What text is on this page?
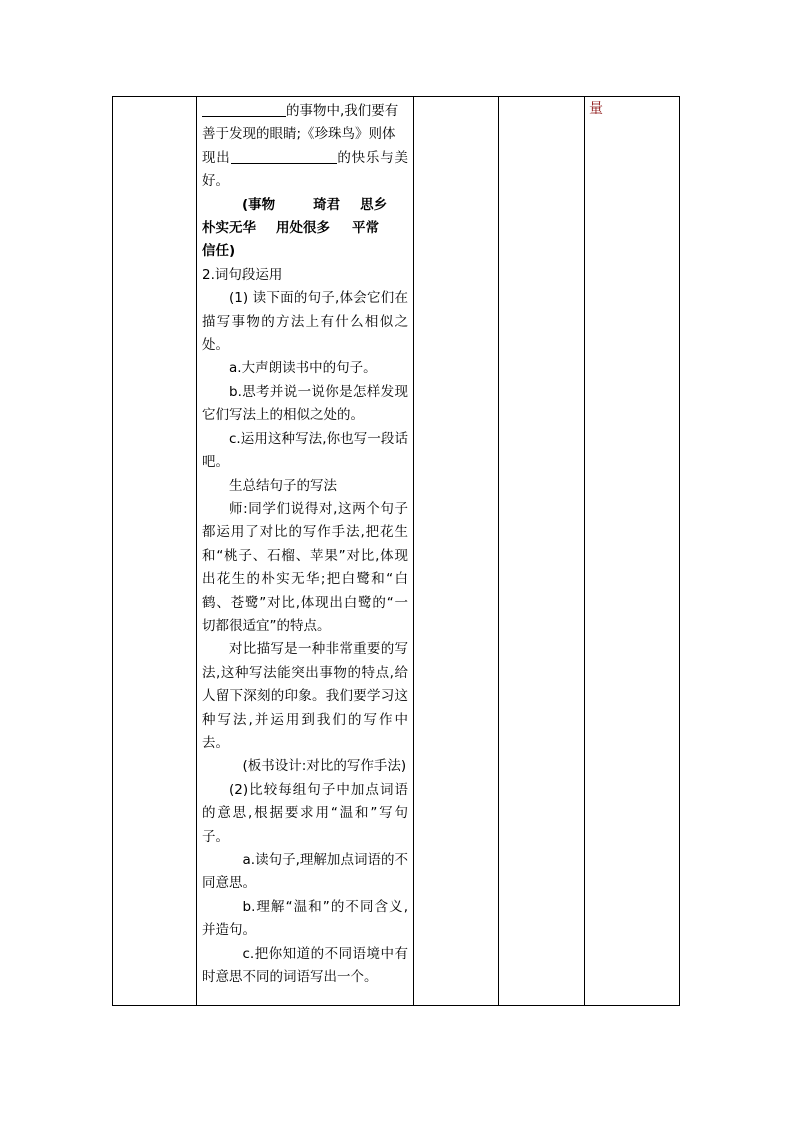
的事物中,我们要有

善于发现的眼睛;《珍珠鸟》则体

现出	的快乐与美好。

(事物	琦君 思乡

朴实无华 用处很多 平常

信任)

2.词句段运用

(1) 读下面的句子,体会它们在描写事物的方法上有什么相似之处。

a.大声朗读书中的句子。

b.思考并说一说你是怎样发现它们写法上的相似之处的。

c.运用这种写法,你也写一段话吧。

生总结句子的写法

师:同学们说得对,这两个句子都运用了对比的写作手法,把花生和“桃子、石榴、苹果”对比,体现出花生的朴实无华;把白鹭和“白鹤、苍鹭”对比,体现出白鹭的“一切都很适宜”的特点。

对比描写是一种非常重要的写法,这种写法能突出事物的特点,给人留下深刻的印象。我们要学习这种写法,并运用到我们的写作中去。

(板书设计:对比的写作手法)

(2)比较每组句子中加点词语的意思,根据要求用“温和”写句子。

a.读句子,理解加点词语的不同意思。

b.理解“温和”的不同含义,并造句。

c.把你知道的不同语境中有时意思不同的词语写出一个。

量
